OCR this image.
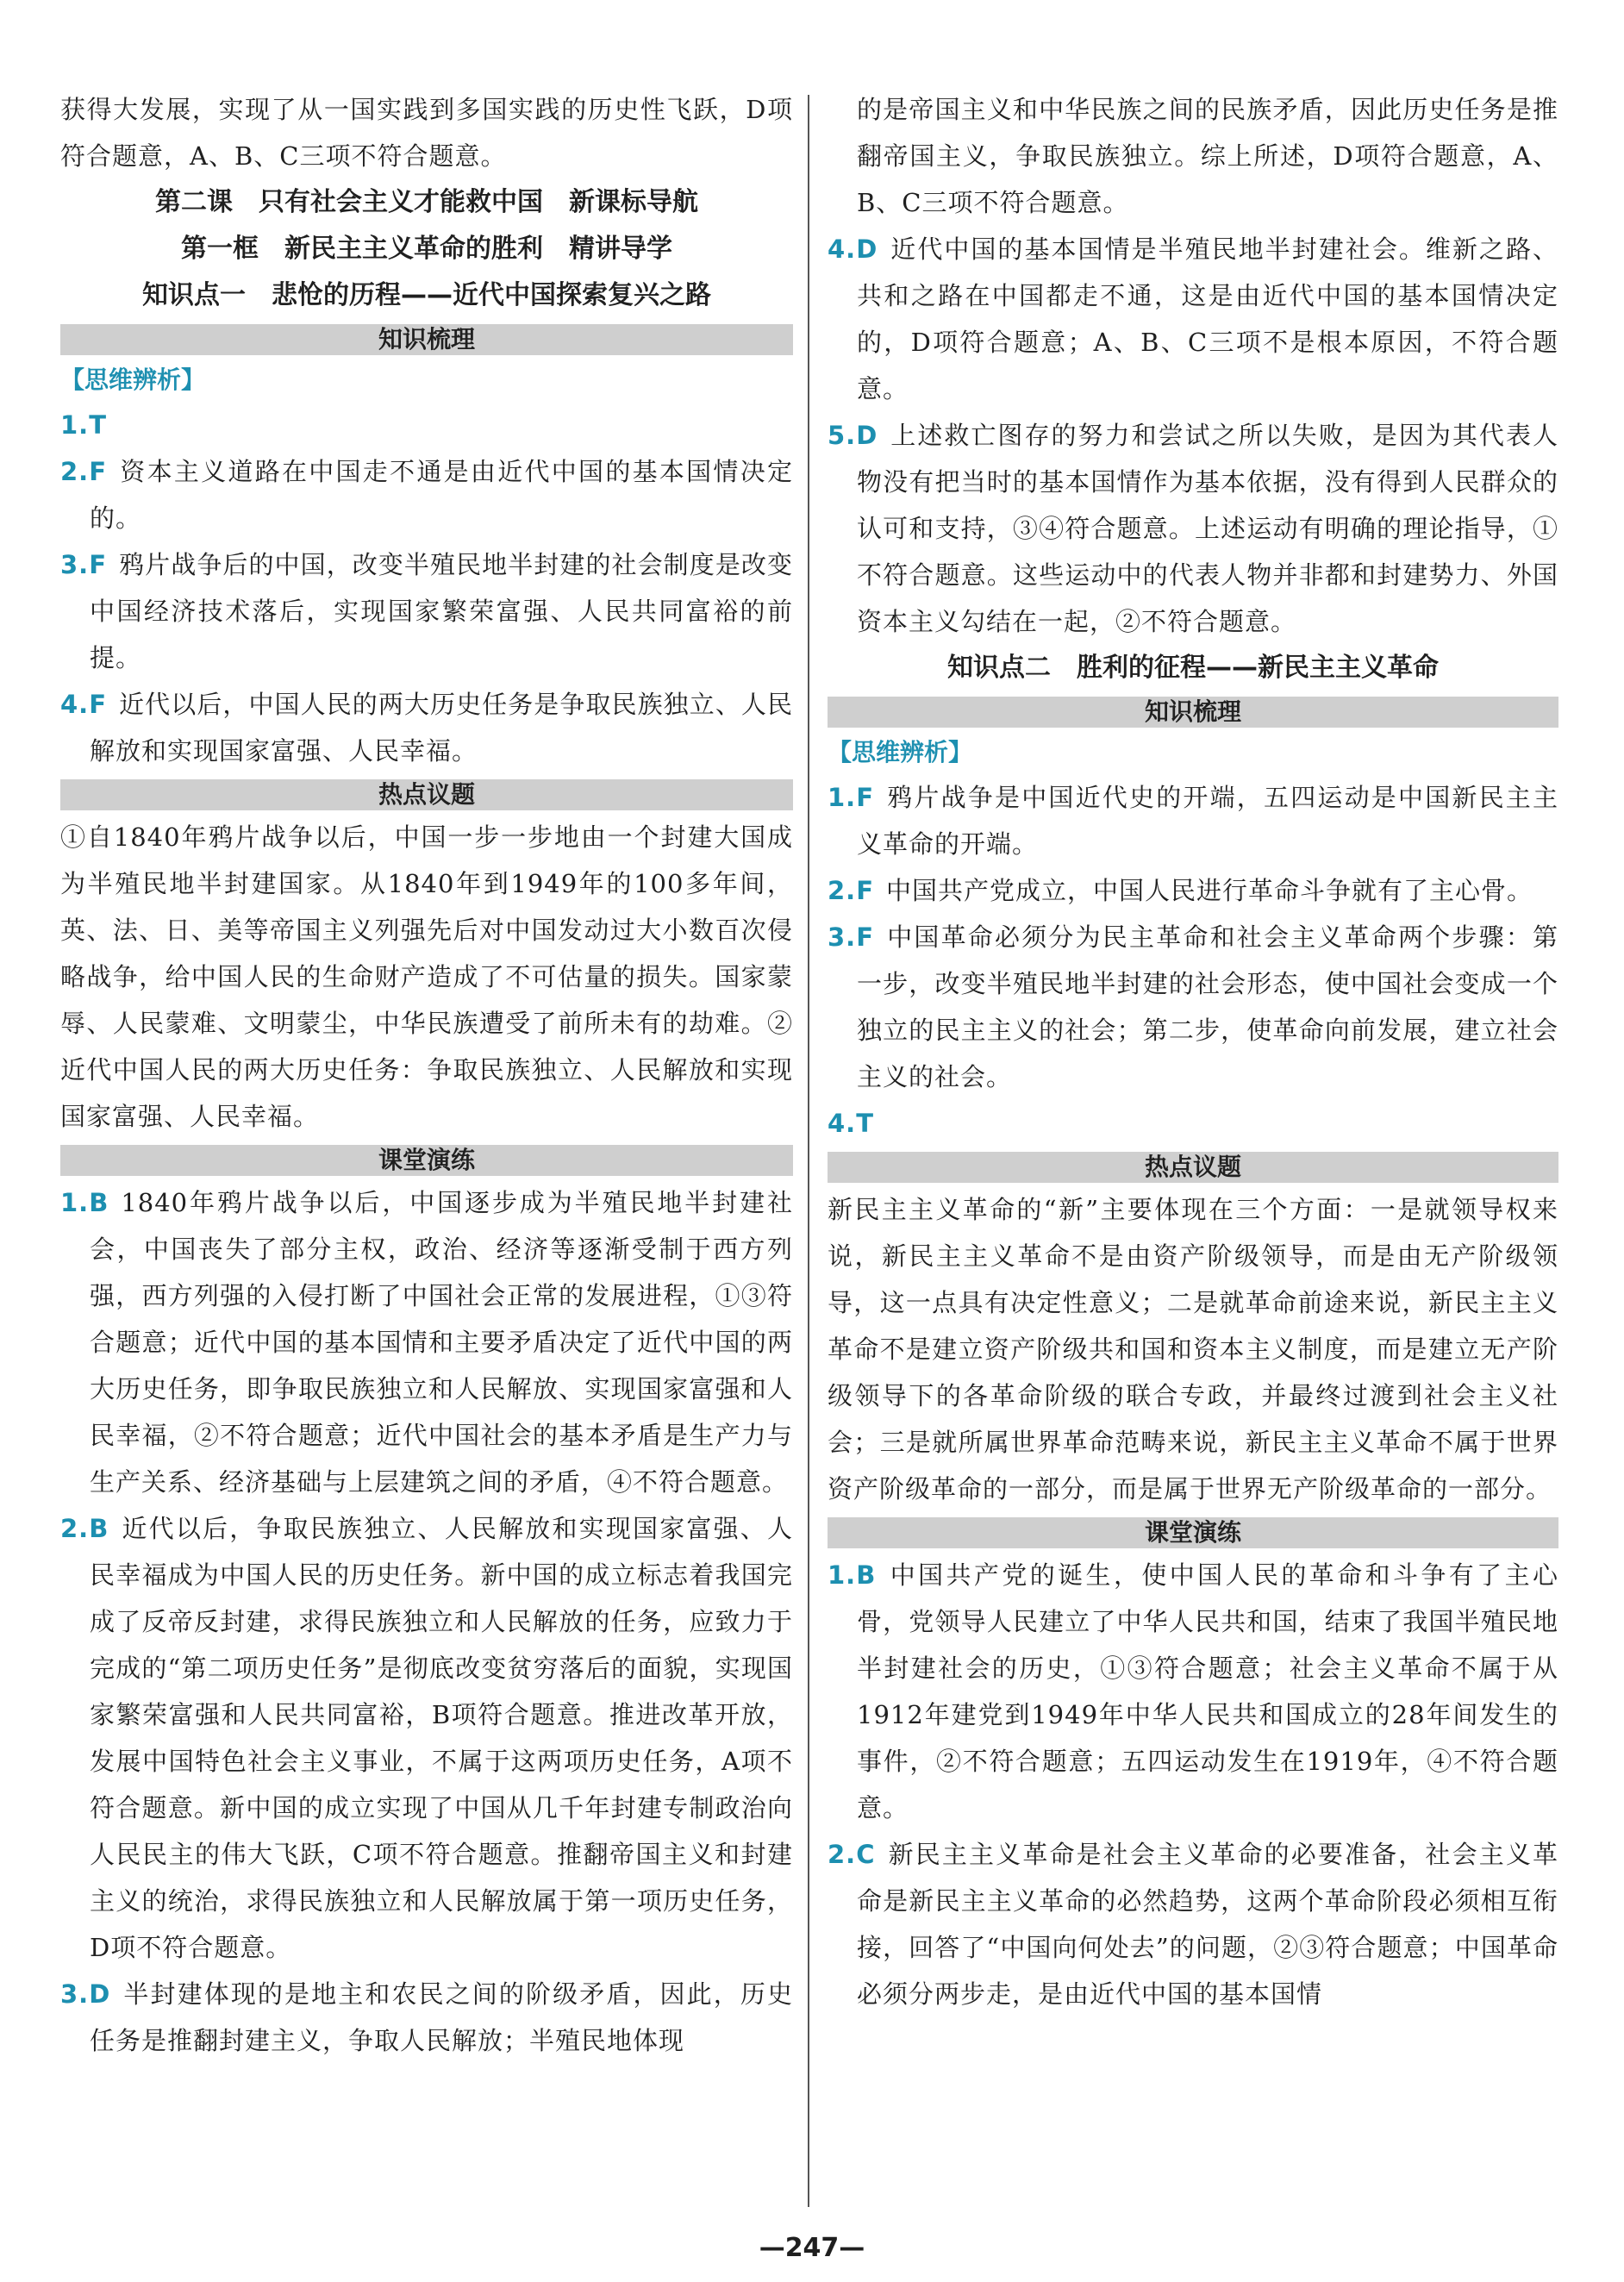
获得大发展，实现了从一国实践到多国实践的历史性飞跃，D项符合题意，A、B、C三项不符合题意。

第二课　只有社会主义才能救中国　新课标导航

第一框　新民主主义革命的胜利　精讲导学

知识点一　悲怆的历程——近代中国探索复兴之路

知识梳理
【思维辨析】

1.T

2.F 资本主义道路在中国走不通是由近代中国的基本国情决定的。

3.F 鸦片战争后的中国，改变半殖民地半封建的社会制度是改变中国经济技术落后，实现国家繁荣富强、人民共同富裕的前提。

4.F 近代以后，中国人民的两大历史任务是争取民族独立、人民解放和实现国家富强、人民幸福。

热点议题

①自1840年鸦片战争以后，中国一步一步地由一个封建大国成为半殖民地半封建国家。从1840年到1949年的100多年间，英、法、日、美等帝国主义列强先后对中国发动过大小数百次侵略战争，给中国人民的生命财产造成了不可估量的损失。国家蒙辱、人民蒙难、文明蒙尘，中华民族遭受了前所未有的劫难。②近代中国人民的两大历史任务：争取民族独立、人民解放和实现国家富强、人民幸福。

课堂演练

1.B 1840年鸦片战争以后，中国逐步成为半殖民地半封建社会，中国丧失了部分主权，政治、经济等逐渐受制于西方列强，西方列强的入侵打断了中国社会正常的发展进程，①③符合题意；近代中国的基本国情和主要矛盾决定了近代中国的两大历史任务，即争取民族独立和人民解放、实现国家富强和人民幸福，②不符合题意；近代中国社会的基本矛盾是生产力与生产关系、经济基础与上层建筑之间的矛盾，④不符合题意。

2.B 近代以后，争取民族独立、人民解放和实现国家富强、人民幸福成为中国人民的历史任务。新中国的成立标志着我国完成了反帝反封建，求得民族独立和人民解放的任务，应致力于完成的“第二项历史任务”是彻底改变贫穷落后的面貌，实现国家繁荣富强和人民共同富裕，B项符合题意。推进改革开放，发展中国特色社会主义事业，不属于这两项历史任务，A项不符合题意。新中国的成立实现了中国从几千年封建专制政治向人民民主的伟大飞跃，C项不符合题意。推翻帝国主义和封建主义的统治，求得民族独立和人民解放属于第一项历史任务，D项不符合题意。

3.D 半封建体现的是地主和农民之间的阶级矛盾，因此，历史任务是推翻封建主义，争取人民解放；半殖民地体现

的是帝国主义和中华民族之间的民族矛盾，因此历史任务是推翻帝国主义，争取民族独立。综上所述，D项符合题意，A、B、C三项不符合题意。

4.D 近代中国的基本国情是半殖民地半封建社会。维新之路、共和之路在中国都走不通，这是由近代中国的基本国情决定的，D项符合题意；A、B、C三项不是根本原因，不符合题意。

5.D 上述救亡图存的努力和尝试之所以失败，是因为其代表人物没有把当时的基本国情作为基本依据，没有得到人民群众的认可和支持，③④符合题意。上述运动有明确的理论指导，①不符合题意。这些运动中的代表人物并非都和封建势力、外国资本主义勾结在一起，②不符合题意。

知识点二　胜利的征程——新民主主义革命

知识梳理
【思维辨析】

1.F 鸦片战争是中国近代史的开端，五四运动是中国新民主主义革命的开端。

2.F 中国共产党成立，中国人民进行革命斗争就有了主心骨。

3.F 中国革命必须分为民主革命和社会主义革命两个步骤：第一步，改变半殖民地半封建的社会形态，使中国社会变成一个独立的民主主义的社会；第二步，使革命向前发展，建立社会主义的社会。

4.T

热点议题

新民主主义革命的“新”主要体现在三个方面：一是就领导权来说，新民主主义革命不是由资产阶级领导，而是由无产阶级领导，这一点具有决定性意义；二是就革命前途来说，新民主主义革命不是建立资产阶级共和国和资本主义制度，而是建立无产阶级领导下的各革命阶级的联合专政，并最终过渡到社会主义社会；三是就所属世界革命范畴来说，新民主主义革命不属于世界资产阶级革命的一部分，而是属于世界无产阶级革命的一部分。

课堂演练

1.B 中国共产党的诞生，使中国人民的革命和斗争有了主心骨，党领导人民建立了中华人民共和国，结束了我国半殖民地半封建社会的历史，①③符合题意；社会主义革命不属于从1912年建党到1949年中华人民共和国成立的28年间发生的事件，②不符合题意；五四运动发生在1919年，④不符合题意。

2.C 新民主主义革命是社会主义革命的必要准备，社会主义革命是新民主主义革命的必然趋势，这两个革命阶段必须相互衔接，回答了“中国向何处去”的问题，②③符合题意；中国革命必须分两步走，是由近代中国的基本国情

—247—
